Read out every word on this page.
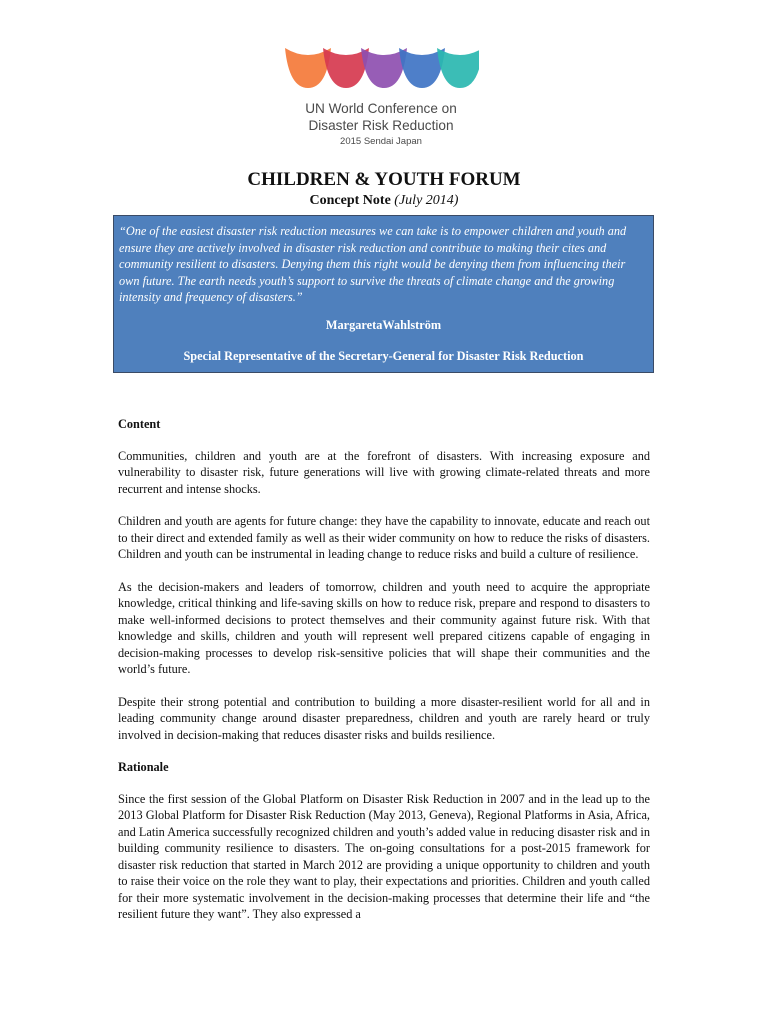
UN World Conference on
Disaster Risk Reduction
2015 Sendai Japan
CHILDREN & YOUTH FORUM
Concept Note (July 2014)

“One of the easiest disaster risk reduction measures we can take is to empower children and youth and ensure they are actively involved in disaster risk reduction and contribute to making their cites and community resilient to disasters. Denying them this right would be denying them from influencing their own future. The earth needs youth’s support to survive the threats of climate change and the growing intensity and frequency of disasters.”

MargaretaWahlström
Special Representative of the Secretary-General for Disaster Risk Reduction

Content

Communities, children and youth are at the forefront of disasters. With increasing exposure and vulnerability to disaster risk, future generations will live with growing climate-related threats and more recurrent and intense shocks.

Children and youth are agents for future change: they have the capability to innovate, educate and reach out to their direct and extended family as well as their wider community on how to reduce the risks of disasters. Children and youth can be instrumental in leading change to reduce risks and build a culture of resilience.

As the decision-makers and leaders of tomorrow, children and youth need to acquire the appropriate knowledge, critical thinking and life-saving skills on how to reduce risk, prepare and respond to disasters to make well-informed decisions to protect themselves and their community against future risk. With that knowledge and skills, children and youth will represent well prepared citizens capable of engaging in decision-making processes to develop risk-sensitive policies that will shape their communities and the world’s future.

Despite their strong potential and contribution to building a more disaster-resilient world for all and in leading community change around disaster preparedness, children and youth are rarely heard or truly involved in decision-making that reduces disaster risks and builds resilience.

Rationale

Since the first session of the Global Platform on Disaster Risk Reduction in 2007 and in the lead up to the 2013 Global Platform for Disaster Risk Reduction (May 2013, Geneva), Regional Platforms in Asia, Africa, and Latin America successfully recognized children and youth’s added value in reducing disaster risk and in building community resilience to disasters. The on-going consultations for a post-2015 framework for disaster risk reduction that started in March 2012 are providing a unique opportunity to children and youth to raise their voice on the role they want to play, their expectations and priorities. Children and youth called for their more systematic involvement in the decision-making processes that determine their life and “the resilient future they want”. They also expressed a
